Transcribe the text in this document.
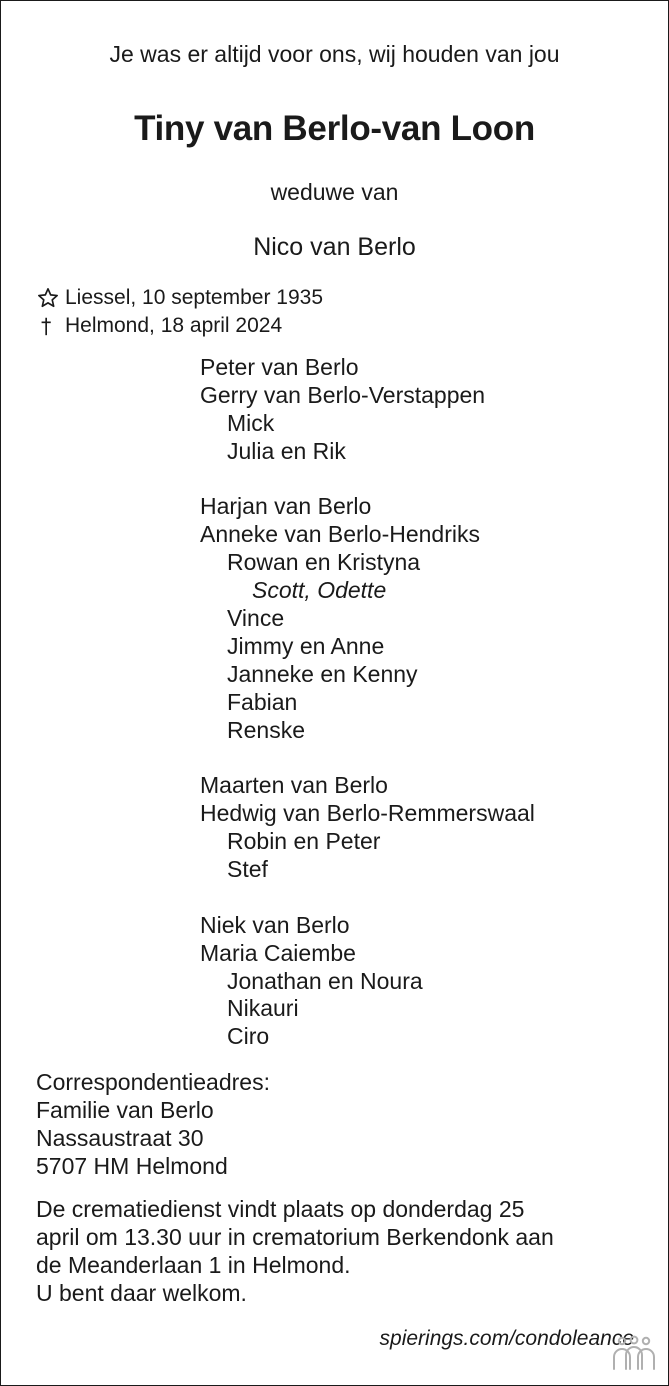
Je was er altijd voor ons, wij houden van jou
Tiny van Berlo-van Loon
weduwe van
Nico van Berlo
Liessel, 10 september 1935
Helmond, 18 april 2024
Peter van Berlo
Gerry van Berlo-Verstappen
Mick
Julia en Rik
Harjan van Berlo
Anneke van Berlo-Hendriks
Rowan en Kristyna
Scott, Odette
Vince
Jimmy en Anne
Janneke en Kenny
Fabian
Renske
Maarten van Berlo
Hedwig van Berlo-Remmerswaal
Robin en Peter
Stef
Niek van Berlo
Maria Caiembe
Jonathan en Noura
Nikauri
Ciro
Correspondentieadres:
Familie van Berlo
Nassaustraat 30
5707 HM Helmond
De crematiedienst vindt plaats op donderdag 25
april om 13.30 uur in crematorium Berkendonk aan
de Meanderlaan 1 in Helmond.
U bent daar welkom.
spierings.com/condoleance
